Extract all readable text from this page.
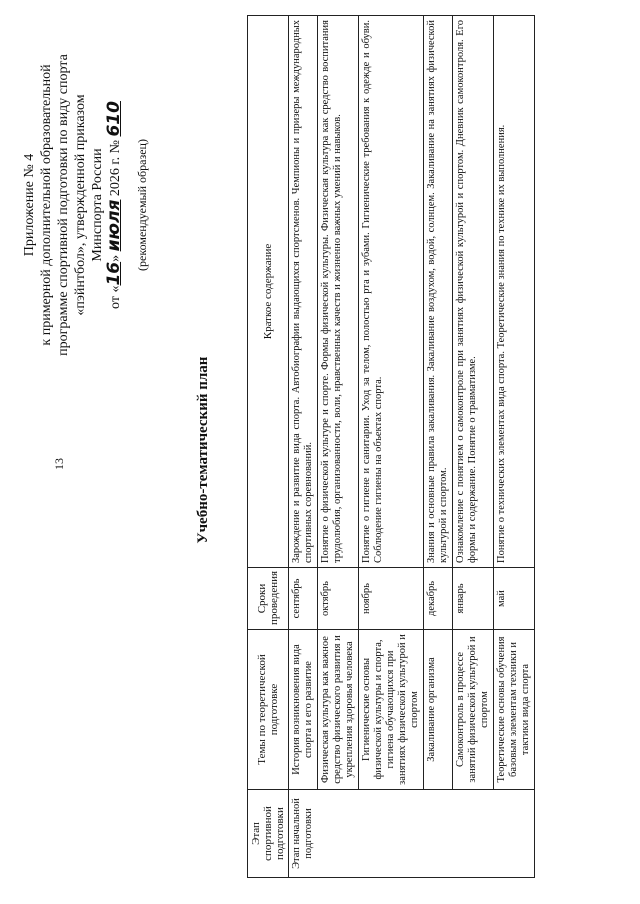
13
Приложение № 4 к примерной дополнительной образовательной программе спортивной подготовки по виду спорта «пэйнтбол», утвержденной приказом Минспорта России
от «16» июля 2026 г. № 610
(рекомендуемый образец)
Учебно-тематический план
Этап спортивной подготовки	Темы по теоретической подготовке	Сроки проведения	Краткое содержание
Этап начальной подготовки	История возникновения вида спорта и его развитие	сентябрь	Зарождение и развитие вида спорта. Автобиографии выдающихся спортсменов. Чемпионы и призеры международных спортивных соревнований.
	Физическая культура как важное средство физического развития и укрепления здоровья человека	октябрь	Понятие о физической культуре и спорте. Формы физической культуры. Физическая культура как средство воспитания трудолюбия, организованности, воли, нравственных качеств и жизненно важных умений и навыков.
	Гигиенические основы физической культуры и спорта, гигиена обучающихся при занятиях физической культурой и спортом	ноябрь	Понятие о гигиене и санитарии. Уход за телом, полостью рта и зубами. Гигиенические требования к одежде и обуви. Соблюдение гигиены на объектах спорта.
	Закаливание организма	декабрь	Знания и основные правила закаливания. Закаливание воздухом, водой, солнцем. Закаливание на занятиях физической культурой и спортом.
	Самоконтроль в процессе занятий физической культурой и спортом	январь	Ознакомление с понятием о самоконтроле при занятиях физической культурой и спортом. Дневник самоконтроля. Его формы и содержание. Понятие о травматизме.
	Теоретические основы обучения базовым элементам техники и тактики вида спорта	май	Понятие о технических элементах вида спорта. Теоретические знания по технике их выполнения.
